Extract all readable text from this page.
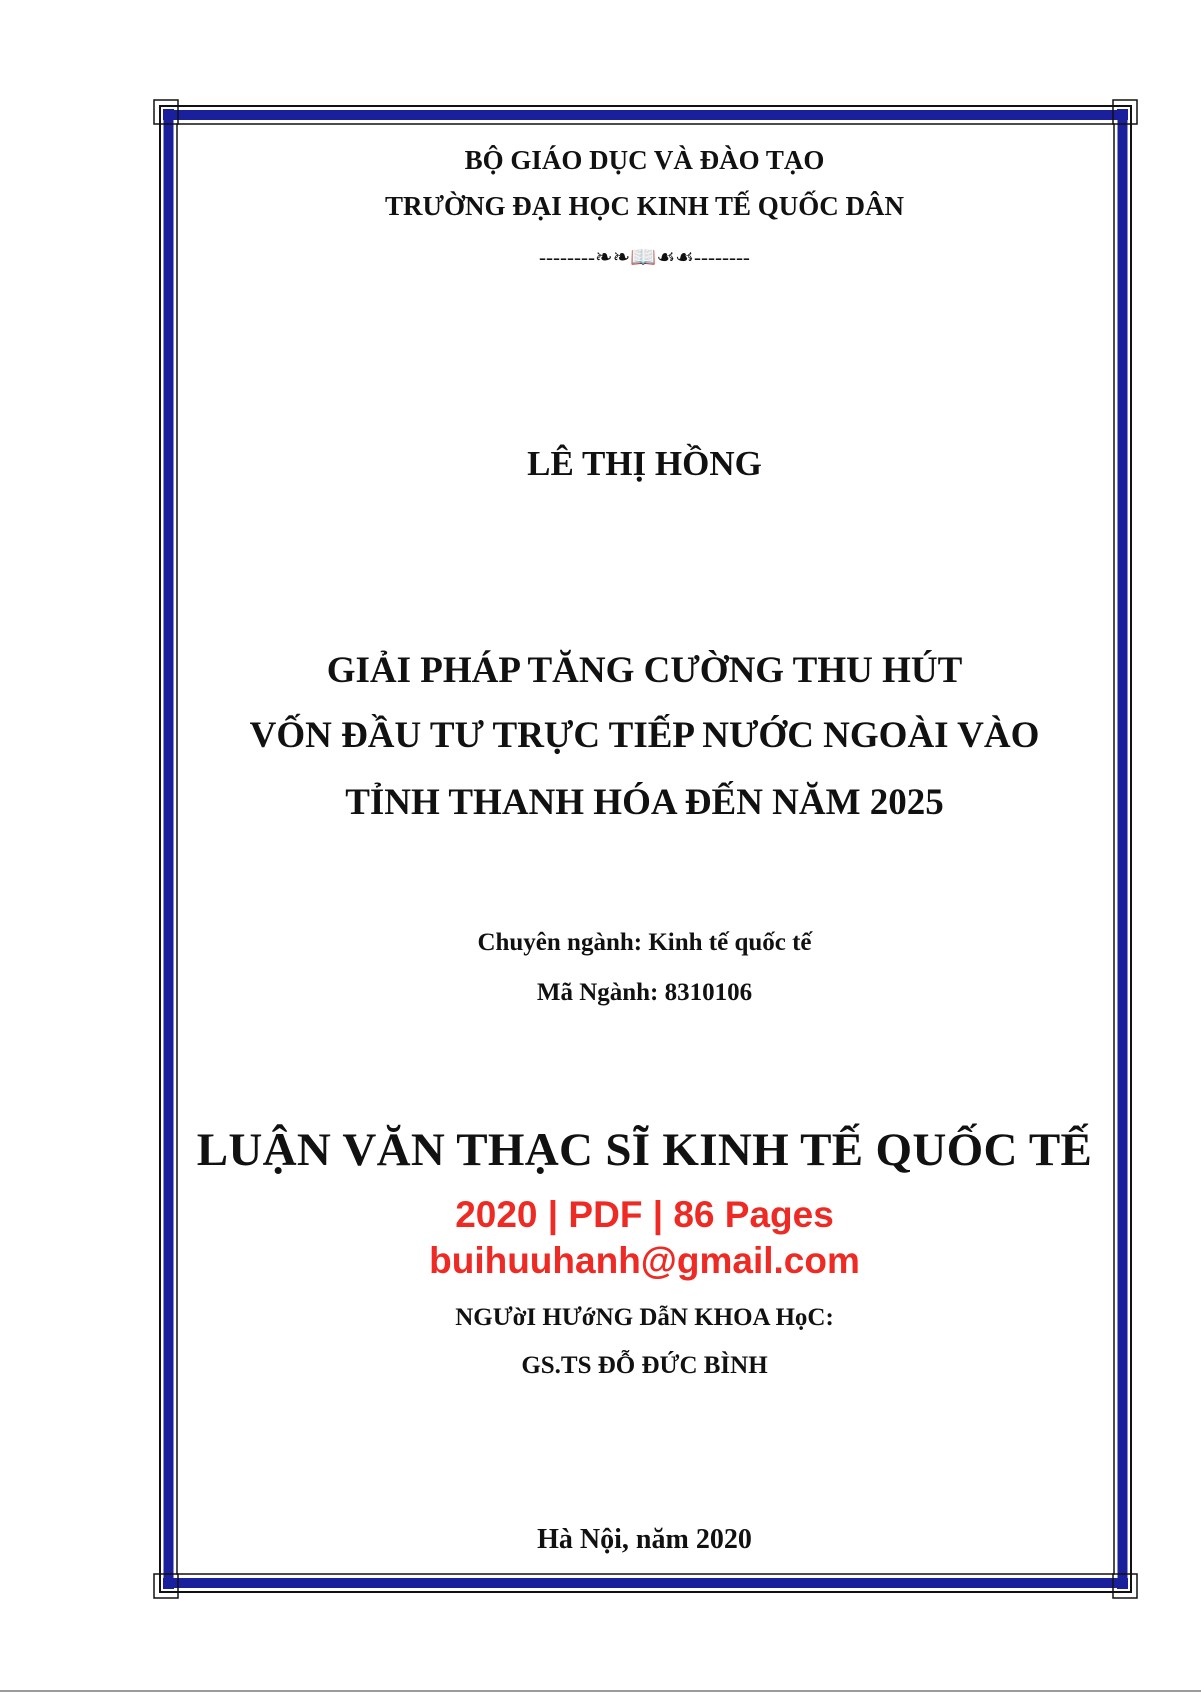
BỘ GIÁO DỤC VÀ ĐÀO TẠO
TRƯỜNG ĐẠI HỌC KINH TẾ QUỐC DÂN
--------❧❧📖☙☙--------
LÊ THỊ HỒNG
GIẢI PHÁP TĂNG CƯỜNG THU HÚT
VỐN ĐẦU TƯ TRỰC TIẾP NƯỚC NGOÀI VÀO
TỈNH THANH HÓA ĐẾN NĂM 2025
Chuyên ngành: Kinh tế quốc tế
Mã Ngành: 8310106
LUẬN VĂN THẠC SĨ KINH TẾ QUỐC TẾ
2020 | PDF | 86 Pages
buihuuhanh@gmail.com
NGƯờI HƯớNG DẫN KHOA HọC:
GS.TS ĐỖ ĐỨC BÌNH
Hà Nội, năm 2020
